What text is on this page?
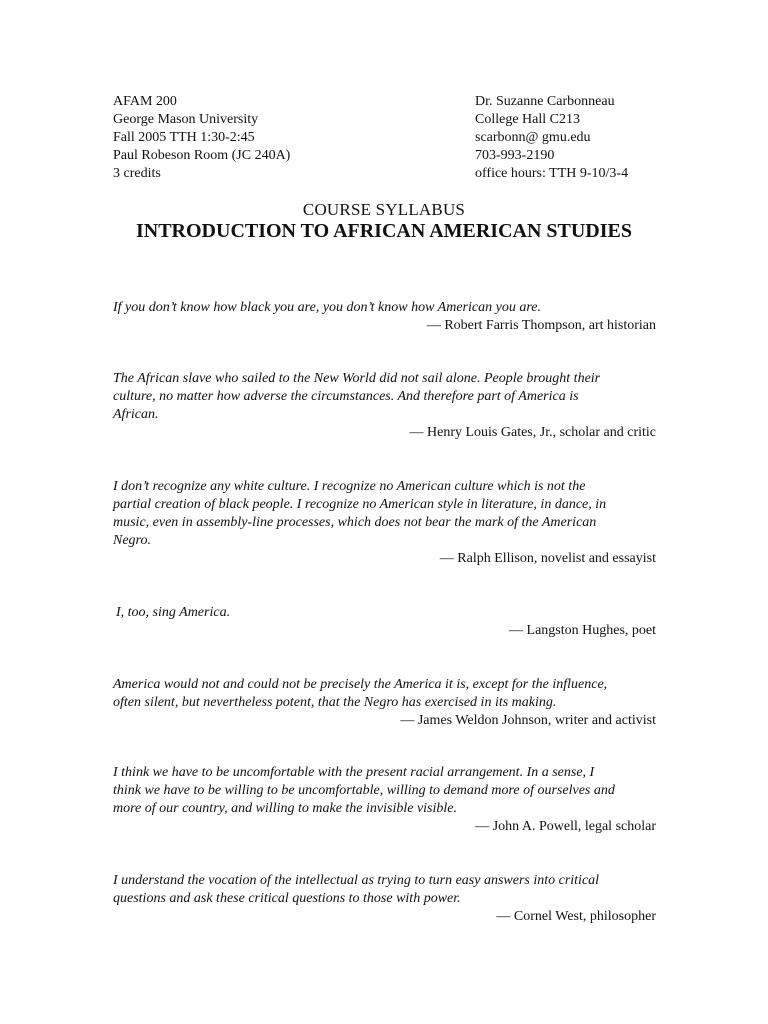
AFAM 200
George Mason University
Fall 2005 TTH 1:30-2:45
Paul Robeson Room (JC 240A)
3 credits
Dr. Suzanne Carbonneau
College Hall C213
scarbonn@ gmu.edu
703-993-2190
office hours: TTH 9-10/3-4
COURSE SYLLABUS
INTRODUCTION TO AFRICAN AMERICAN STUDIES
If you don’t know how black you are, you don’t know how American you are.
— Robert Farris Thompson, art historian
The African slave who sailed to the New World did not sail alone. People brought their
culture, no matter how adverse the circumstances. And therefore part of America is
African.
— Henry Louis Gates, Jr., scholar and critic
I don’t recognize any white culture. I recognize no American culture which is not the
partial creation of black people. I recognize no American style in literature, in dance, in
music, even in assembly-line processes, which does not bear the mark of the American
Negro.
— Ralph Ellison, novelist and essayist
I, too, sing America.
— Langston Hughes, poet
America would not and could not be precisely the America it is, except for the influence,
often silent, but nevertheless potent, that the Negro has exercised in its making.
— James Weldon Johnson, writer and activist
I think we have to be uncomfortable with the present racial arrangement. In a sense, I
think we have to be willing to be uncomfortable, willing to demand more of ourselves and
more of our country, and willing to make the invisible visible.
— John A. Powell, legal scholar
I understand the vocation of the intellectual as trying to turn easy answers into critical
questions and ask these critical questions to those with power.
— Cornel West, philosopher
